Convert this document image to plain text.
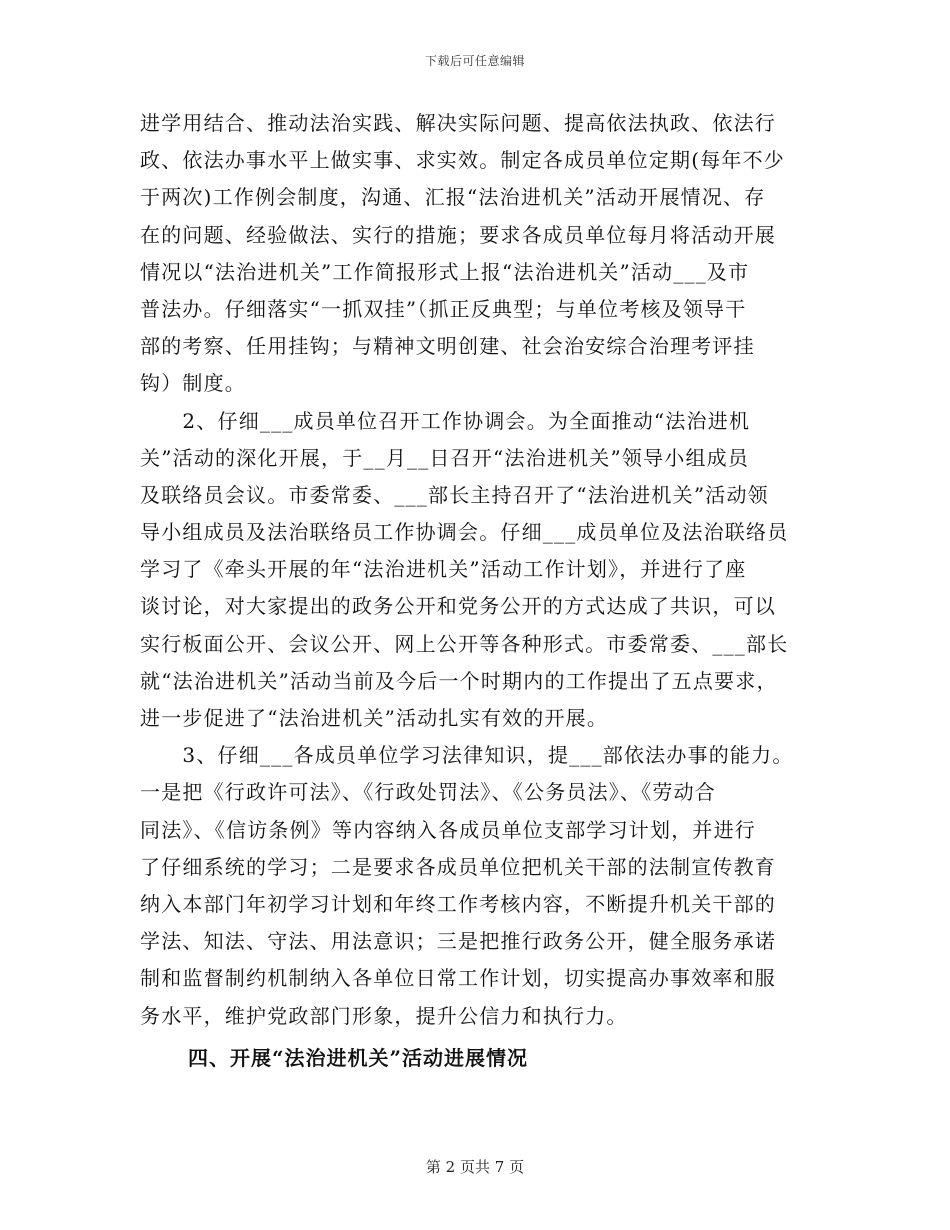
下载后可任意编辑
进学用结合、推动法治实践、解决实际问题、提高依法执政、依法行
政、依法办事水平上做实事、求实效。制定各成员单位定期(每年不少
于两次)工作例会制度，沟通、汇报“法治进机关”活动开展情况、存
在的问题、经验做法、实行的措施；要求各成员单位每月将活动开展
情况以“法治进机关”工作简报形式上报“法治进机关”活动___及市
普法办。仔细落实“一抓双挂”（抓正反典型；与单位考核及领导干
部的考察、任用挂钩；与精神文明创建、社会治安综合治理考评挂
钩）制度。
　　2、仔细___成员单位召开工作协调会。为全面推动“法治进机
关”活动的深化开展，于__月__日召开“法治进机关”领导小组成员
及联络员会议。市委常委、___部长主持召开了“法治进机关”活动领
导小组成员及法治联络员工作协调会。仔细___成员单位及法治联络员
学习了《牵头开展的年“法治进机关”活动工作计划》，并进行了座
谈讨论，对大家提出的政务公开和党务公开的方式达成了共识，可以
实行板面公开、会议公开、网上公开等各种形式。市委常委、___部长
就“法治进机关”活动当前及今后一个时期内的工作提出了五点要求，
进一步促进了“法治进机关”活动扎实有效的开展。
　　3、仔细___各成员单位学习法律知识，提___部依法办事的能力。
一是把《行政许可法》、《行政处罚法》、《公务员法》、《劳动合
同法》、《信访条例》等内容纳入各成员单位支部学习计划，并进行
了仔细系统的学习；二是要求各成员单位把机关干部的法制宣传教育
纳入本部门年初学习计划和年终工作考核内容，不断提升机关干部的
学法、知法、守法、用法意识；三是把推行政务公开，健全服务承诺
制和监督制约机制纳入各单位日常工作计划，切实提高办事效率和服
务水平，维护党政部门形象，提升公信力和执行力。
四、开展“法治进机关”活动进展情况
第 2 页共 7 页
